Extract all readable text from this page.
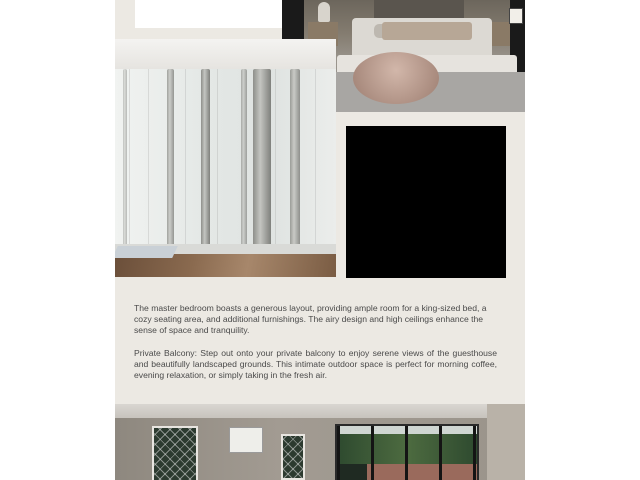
The master bedroom boasts a generous layout, providing ample room for a king-sized bed, a cozy seating area, and additional furnishings. The airy design and high ceilings enhance the sense of space and tranquility.

Private Balcony: Step out onto your private balcony to enjoy serene views of the guesthouse and beautifully landscaped grounds. This intimate outdoor space is perfect for morning coffee, evening relaxation, or simply taking in the fresh air.
